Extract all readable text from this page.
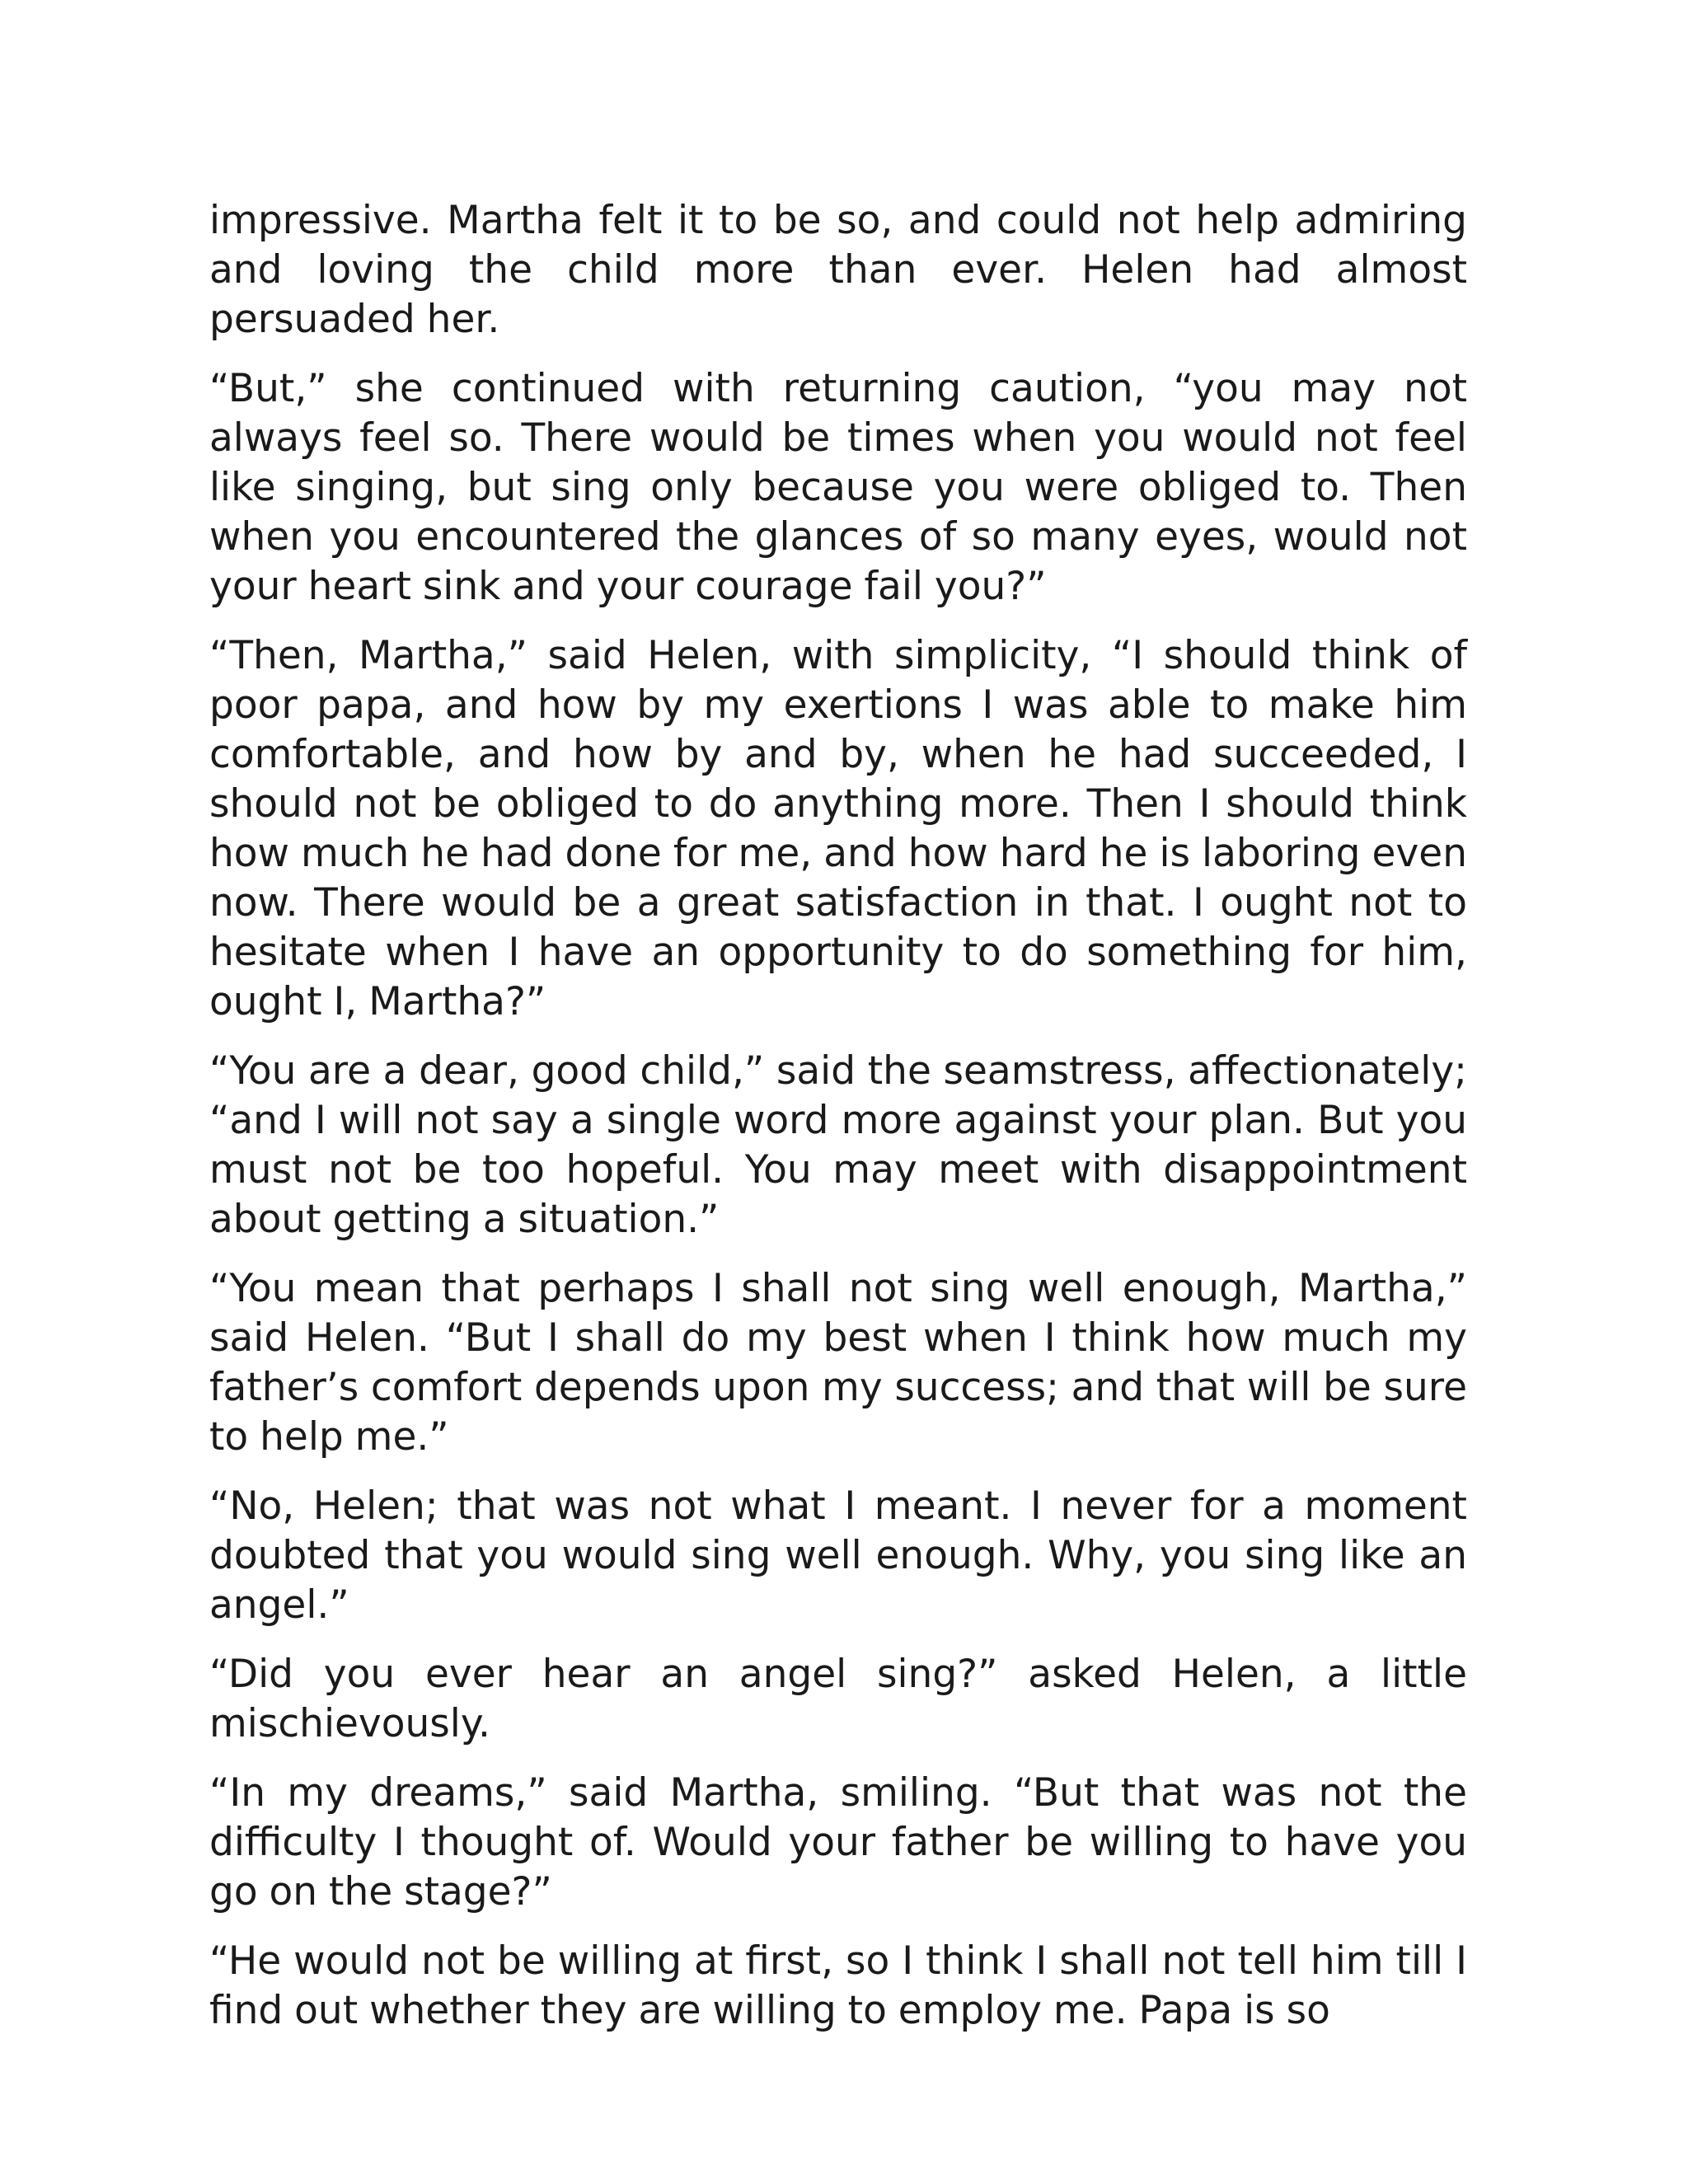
impressive. Martha felt it to be so, and could not help admiring and loving the child more than ever. Helen had almost persuaded her.

“But,” she continued with returning caution, “you may not always feel so. There would be times when you would not feel like singing, but sing only because you were obliged to. Then when you encountered the glances of so many eyes, would not your heart sink and your courage fail you?”

“Then, Martha,” said Helen, with simplicity, “I should think of poor papa, and how by my exertions I was able to make him comfortable, and how by and by, when he had succeeded, I should not be obliged to do anything more. Then I should think how much he had done for me, and how hard he is laboring even now. There would be a great satisfaction in that. I ought not to hesitate when I have an opportunity to do something for him, ought I, Martha?”

“You are a dear, good child,” said the seamstress, affectionately; “and I will not say a single word more against your plan. But you must not be too hopeful. You may meet with disappointment about getting a situation.”

“You mean that perhaps I shall not sing well enough, Martha,” said Helen. “But I shall do my best when I think how much my father’s comfort depends upon my success; and that will be sure to help me.”

“No, Helen; that was not what I meant. I never for a moment doubted that you would sing well enough. Why, you sing like an angel.”

“Did you ever hear an angel sing?” asked Helen, a little mischievously.

“In my dreams,” said Martha, smiling. “But that was not the difficulty I thought of. Would your father be willing to have you go on the stage?”

“He would not be willing at first, so I think I shall not tell him till I find out whether they are willing to employ me. Papa is so
